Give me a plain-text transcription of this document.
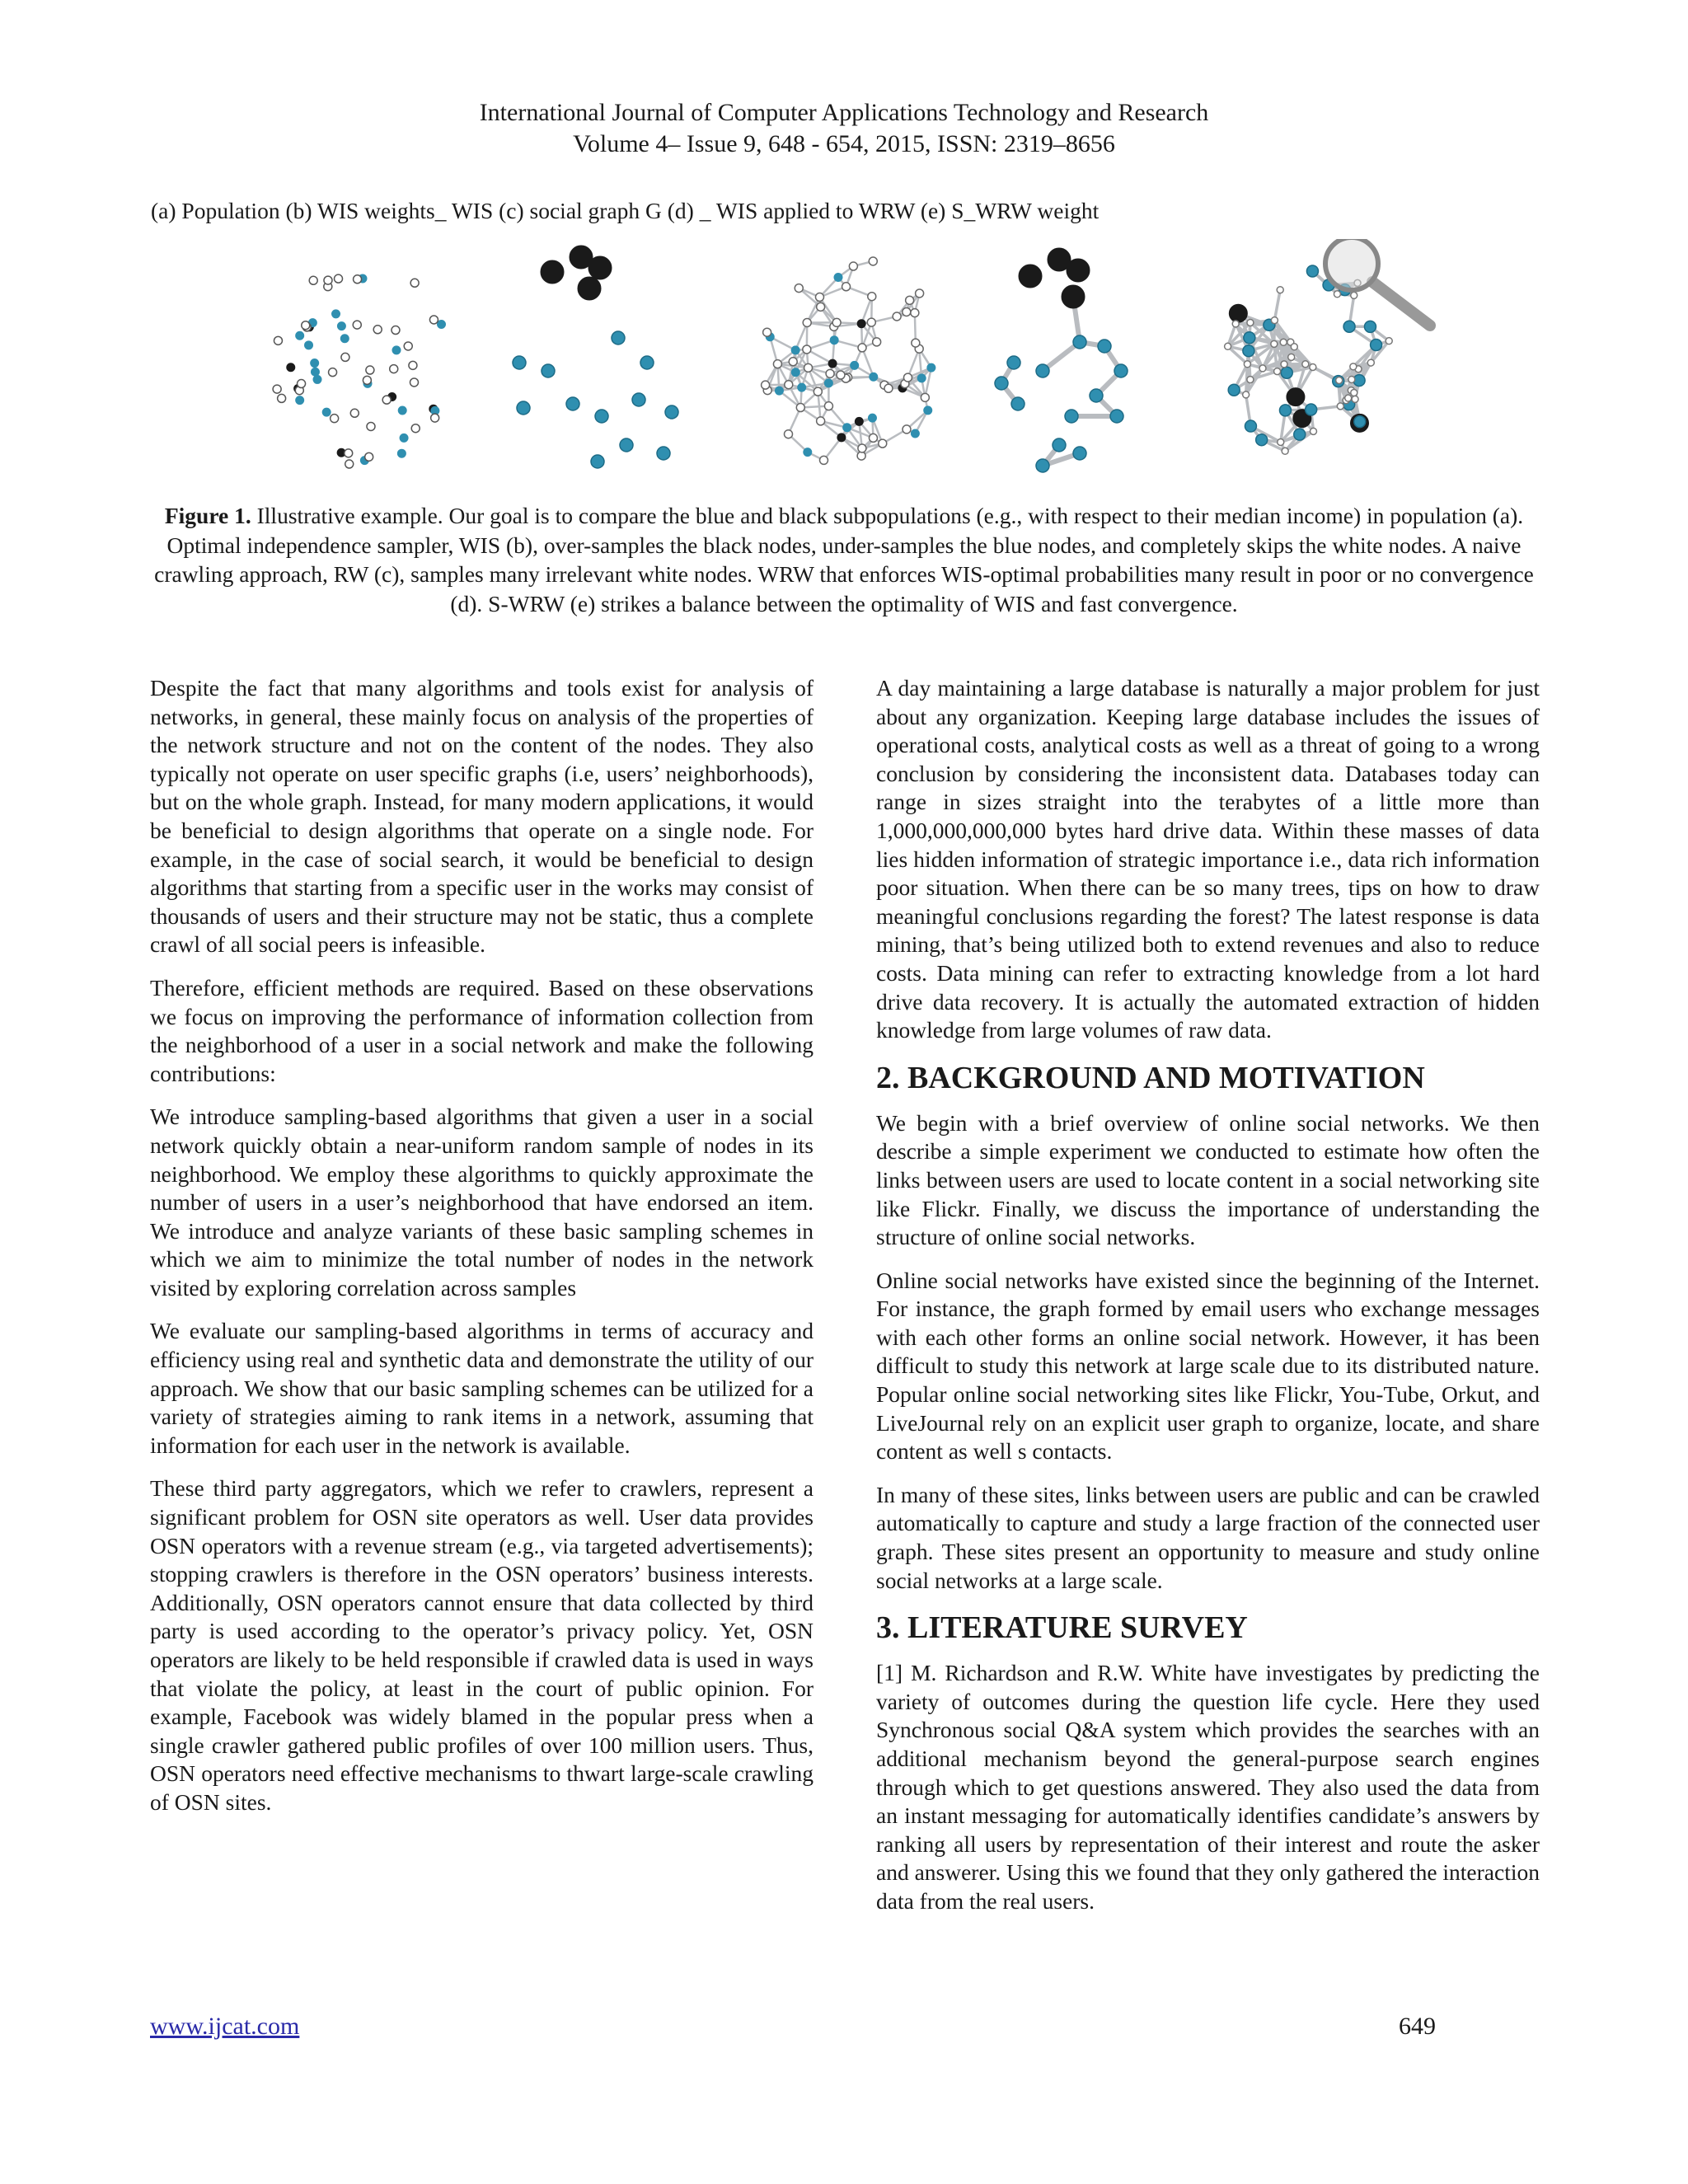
International Journal of Computer Applications Technology and Research
Volume 4– Issue 9, 648 - 654, 2015, ISSN: 2319–8656
(a) Population (b) WIS weights_ WIS (c) social graph G (d) _ WIS applied to WRW (e) S_WRW weight
Figure 1. Illustrative example. Our goal is to compare the blue and black subpopulations (e.g., with respect to their median income) in population (a). Optimal independence sampler, WIS (b), over-samples the black nodes, under-samples the blue nodes, and completely skips the white nodes. A naive crawling approach, RW (c), samples many irrelevant white nodes. WRW that enforces WIS-optimal probabilities many result in poor or no convergence (d). S-WRW (e) strikes a balance between the optimality of WIS and fast convergence.

Despite the fact that many algorithms and tools exist for analysis of networks, in general, these mainly focus on analysis of the properties of the network structure and not on the content of the nodes. They also typically not operate on user specific graphs (i.e, users’ neighborhoods), but on the whole graph. Instead, for many modern applications, it would be beneficial to design algorithms that operate on a single node. For example, in the case of social search, it would be beneficial to design algorithms that starting from a specific user in the works may consist of thousands of users and their structure may not be static, thus a complete crawl of all social peers is infeasible.

Therefore, efficient methods are required. Based on these observations we focus on improving the performance of information collection from the neighborhood of a user in a social network and make the following contributions:

We introduce sampling-based algorithms that given a user in a social network quickly obtain a near-uniform random sample of nodes in its neighborhood. We employ these algorithms to quickly approximate the number of users in a user’s neighborhood that have endorsed an item. We introduce and analyze variants of these basic sampling schemes in which we aim to minimize the total number of nodes in the network visited by exploring correlation across samples

We evaluate our sampling-based algorithms in terms of accuracy and efficiency using real and synthetic data and demonstrate the utility of our approach. We show that our basic sampling schemes can be utilized for a variety of strategies aiming to rank items in a network, assuming that information for each user in the network is available.

These third party aggregators, which we refer to crawlers, represent a significant problem for OSN site operators as well. User data provides OSN operators with a revenue stream (e.g., via targeted advertisements); stopping crawlers is therefore in the OSN operators’ business interests. Additionally, OSN operators cannot ensure that data collected by third party is used according to the operator’s privacy policy. Yet, OSN operators are likely to be held responsible if crawled data is used in ways that violate the policy, at least in the court of public opinion. For example, Facebook was widely blamed in the popular press when a single crawler gathered public profiles of over 100 million users. Thus, OSN operators need effective mechanisms to thwart large-scale crawling of OSN sites.

A day maintaining a large database is naturally a major problem for just about any organization. Keeping large database includes the issues of operational costs, analytical costs as well as a threat of going to a wrong conclusion by considering the inconsistent data. Databases today can range in sizes straight into the terabytes of a little more than 1,000,000,000,000 bytes hard drive data. Within these masses of data lies hidden information of strategic importance i.e., data rich information poor situation. When there can be so many trees, tips on how to draw meaningful conclusions regarding the forest? The latest response is data mining, that’s being utilized both to extend revenues and also to reduce costs. Data mining can refer to extracting knowledge from a lot hard drive data recovery. It is actually the automated extraction of hidden knowledge from large volumes of raw data.

2. BACKGROUND AND MOTIVATION

We begin with a brief overview of online social networks. We then describe a simple experiment we conducted to estimate how often the links between users are used to locate content in a social networking site like Flickr. Finally, we discuss the importance of understanding the structure of online social networks.

Online social networks have existed since the beginning of the Internet. For instance, the graph formed by email users who exchange messages with each other forms an online social network. However, it has been difficult to study this network at large scale due to its distributed nature. Popular online social networking sites like Flickr, You-Tube, Orkut, and LiveJournal rely on an explicit user graph to organize, locate, and share content as well s contacts.

In many of these sites, links between users are public and can be crawled automatically to capture and study a large fraction of the connected user graph. These sites present an opportunity to measure and study online social networks at a large scale.

3. LITERATURE SURVEY

[1] M. Richardson and R.W. White have investigates by predicting the variety of outcomes during the question life cycle. Here they used Synchronous social Q&A system which provides the searches with an additional mechanism beyond the general-purpose search engines through which to get questions answered. They also used the data from an instant messaging for automatically identifies candidate’s answers by ranking all users by representation of their interest and route the asker and answerer. Using this we found that they only gathered the interaction data from the real users.

www.ijcat.com	649
